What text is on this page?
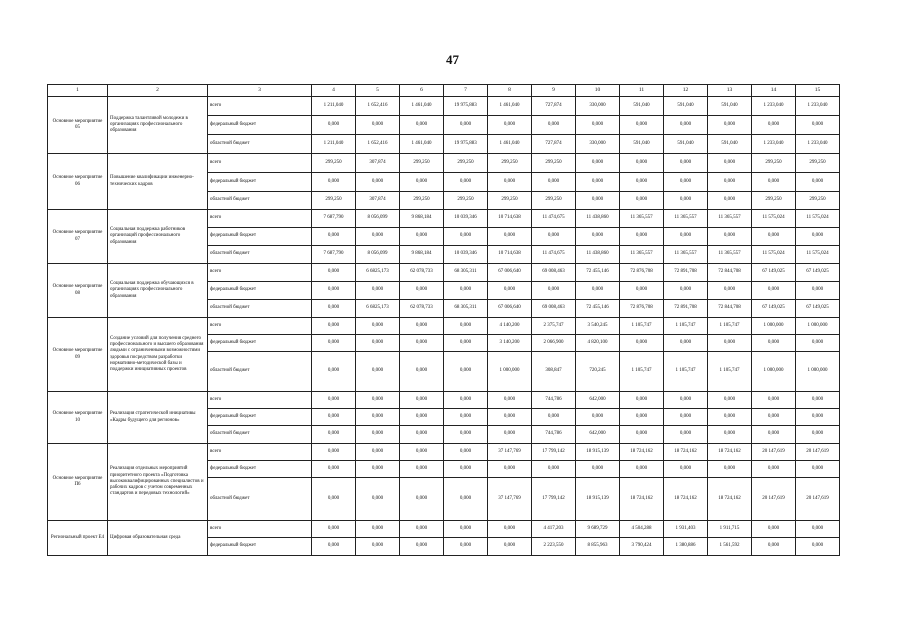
47
1	2	3	4	5	6	7	8	9	10	11	12	13	14	15
Основное мероприятие 05	Поддержка талантливой молодежи в организациях профессионального образования	всего	1 211,040	1 652,416	1 461,040	19 975,883	1 461,040	727,874	330,000	591,040	591,040	591,040	1 233,040	1 233,040
		федеральный бюджет	0,000	0,000	0,000	0,000	0,000	0,000	0,000	0,000	0,000	0,000	0,000	0,000
		областной бюджет	1 211,040	1 652,416	1 461,040	19 975,883	1 461,040	727,874	330,000	591,040	591,040	591,040	1 233,040	1 233,040
Основное мероприятие 06	Повышение квалификации инженерно- технических кадров	всего	299,250	307,874	299,250	299,250	299,250	299,250	0,000	0,000	0,000	0,000	299,250	299,250
		федеральный бюджет	0,000	0,000	0,000	0,000	0,000	0,000	0,000	0,000	0,000	0,000	0,000	0,000
		областной бюджет	299,250	307,874	299,250	299,250	299,250	299,250	0,000	0,000	0,000	0,000	299,250	299,250
Основное мероприятие 07	Социальная поддержка работников организаций профессионального образования	всего	7 687,790	8 056,099	9 868,184	10 039,346	10 714,638	11 474,675	11 438,860	11 365,557	11 365,557	11 365,557	11 575,024	11 575,024
		федеральный бюджет	0,000	0,000	0,000	0,000	0,000	0,000	0,000	0,000	0,000	0,000	0,000	0,000
		областной бюджет	7 687,790	8 056,099	9 868,184	10 039,346	10 714,638	11 474,675	11 438,860	11 365,557	11 365,557	11 365,557	11 575,024	11 575,024
Основное мероприятие 08	Социальная поддержка обучающихся в организациях профессионального образования	всего	0,000	6 6825,173	62 078,733	68 305,311	67 006,640	69 008,463	72 455,146	72 876,708	72 891,708	72 844,708	67 149,025	67 149,025
		федеральный бюджет	0,000	0,000	0,000	0,000	0,000	0,000	0,000	0,000	0,000	0,000	0,000	0,000
		областной бюджет	0,000	6 6825,173	62 078,733	68 305,311	67 006,640	69 008,463	72 455,146	72 876,708	72 891,708	72 844,708	67 149,025	67 149,025
Основное мероприятие 09	Создание условий для получения среднего профессионального и высшего образования людьми с ограниченными возможностями здоровья посредством разработки нормативно-методической базы и поддержки инициативных проектов	всего	0,000	0,000	0,000	0,000	4 140,200	2 375,747	3 540,245	1 105,747	1 105,747	1 105,747	1 000,000	1 000,000
		федеральный бюджет	0,000	0,000	0,000	0,000	3 140,200	2 066,900	4 820,100	0,000	0,000	0,000	0,000	0,000
		областной бюджет	0,000	0,000	0,000	0,000	1 000,000	308,847	720,245	1 105,747	1 105,747	1 105,747	1 000,000	1 000,000
Основное мероприятие 10	Реализация стратегической инициативы «Кадры будущего для регионов»	всего	0,000	0,000	0,000	0,000	0,000	744,786	642,000	0,000	0,000	0,000	0,000	0,000
		федеральный бюджет	0,000	0,000	0,000	0,000	0,000	0,000	0,000	0,000	0,000	0,000	0,000	0,000
		областной бюджет	0,000	0,000	0,000	0,000	0,000	744,786	642,000	0,000	0,000	0,000	0,000	0,000
Основное мероприятие П6	Реализация отдельных мероприятий приоритетного проекта «Подготовка высококвалифицированных специалистов и рабочих кадров с учетом современных стандартов и передовых технологий»	всего	0,000	0,000	0,000	0,000	37 147,769	17 799,142	18 915,139	18 724,162	18 724,162	18 724,162	20 147,619	20 147,619
		федеральный бюджет	0,000	0,000	0,000	0,000	0,000	0,000	0,000	0,000	0,000	0,000	0,000	0,000
		областной бюджет	0,000	0,000	0,000	0,000	37 147,769	17 799,142	18 915,139	18 724,162	18 724,162	18 724,162	20 147,619	20 147,619
Региональный проект Е4	Цифровая образовательная среда	всего	0,000	0,000	0,000	0,000	0,000	4 417,203	9 689,729	4 504,288	1 931,403	1 911,715	0,000	0,000
		федеральный бюджет	0,000	0,000	0,000	0,000	0,000	2 223,550	8 855,963	3 790,424	1 380,886	1 561,592	0,000	0,000
